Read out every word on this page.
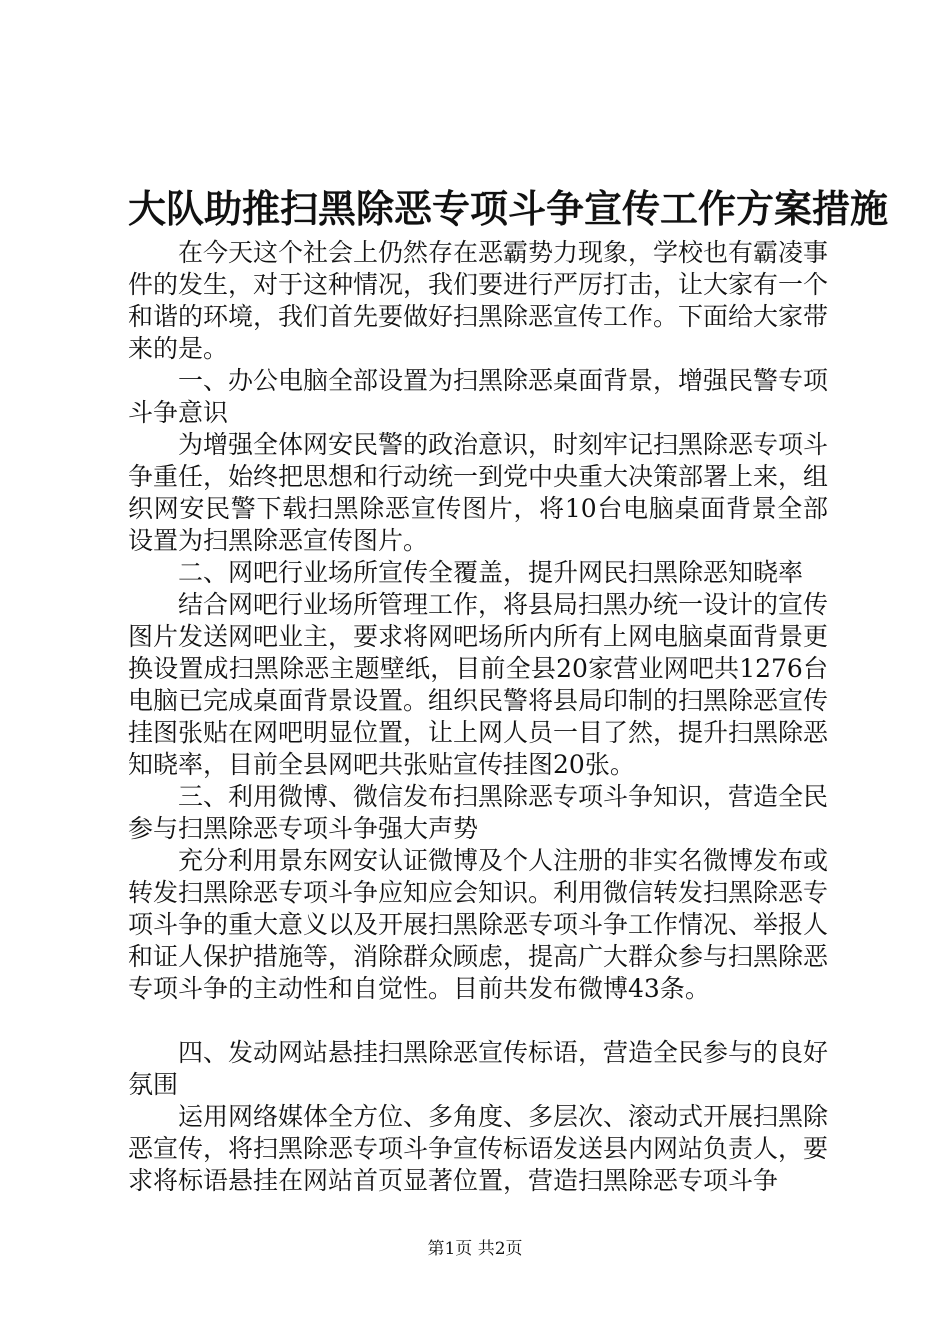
大队助推扫黑除恶专项斗争宣传工作方案措施

在今天这个社会上仍然存在恶霸势力现象，学校也有霸凌事件的发生，对于这种情况，我们要进行严厉打击，让大家有一个和谐的环境，我们首先要做好扫黑除恶宣传工作。下面给大家带来的是。

一、办公电脑全部设置为扫黑除恶桌面背景，增强民警专项斗争意识

为增强全体网安民警的政治意识，时刻牢记扫黑除恶专项斗争重任，始终把思想和行动统一到党中央重大决策部署上来，组织网安民警下载扫黑除恶宣传图片，将10台电脑桌面背景全部设置为扫黑除恶宣传图片。

二、网吧行业场所宣传全覆盖，提升网民扫黑除恶知晓率

结合网吧行业场所管理工作，将县局扫黑办统一设计的宣传图片发送网吧业主，要求将网吧场所内所有上网电脑桌面背景更换设置成扫黑除恶主题壁纸，目前全县20家营业网吧共1276台电脑已完成桌面背景设置。组织民警将县局印制的扫黑除恶宣传挂图张贴在网吧明显位置，让上网人员一目了然，提升扫黑除恶知晓率，目前全县网吧共张贴宣传挂图20张。

三、利用微博、微信发布扫黑除恶专项斗争知识，营造全民参与扫黑除恶专项斗争强大声势

充分利用景东网安认证微博及个人注册的非实名微博发布或转发扫黑除恶专项斗争应知应会知识。利用微信转发扫黑除恶专项斗争的重大意义以及开展扫黑除恶专项斗争工作情况、举报人和证人保护措施等，消除群众顾虑，提高广大群众参与扫黑除恶专项斗争的主动性和自觉性。目前共发布微博43条。

四、发动网站悬挂扫黑除恶宣传标语，营造全民参与的良好氛围

运用网络媒体全方位、多角度、多层次、滚动式开展扫黑除恶宣传，将扫黑除恶专项斗争宣传标语发送县内网站负责人，要求将标语悬挂在网站首页显著位置，营造扫黑除恶专项斗争

第1页 共2页
